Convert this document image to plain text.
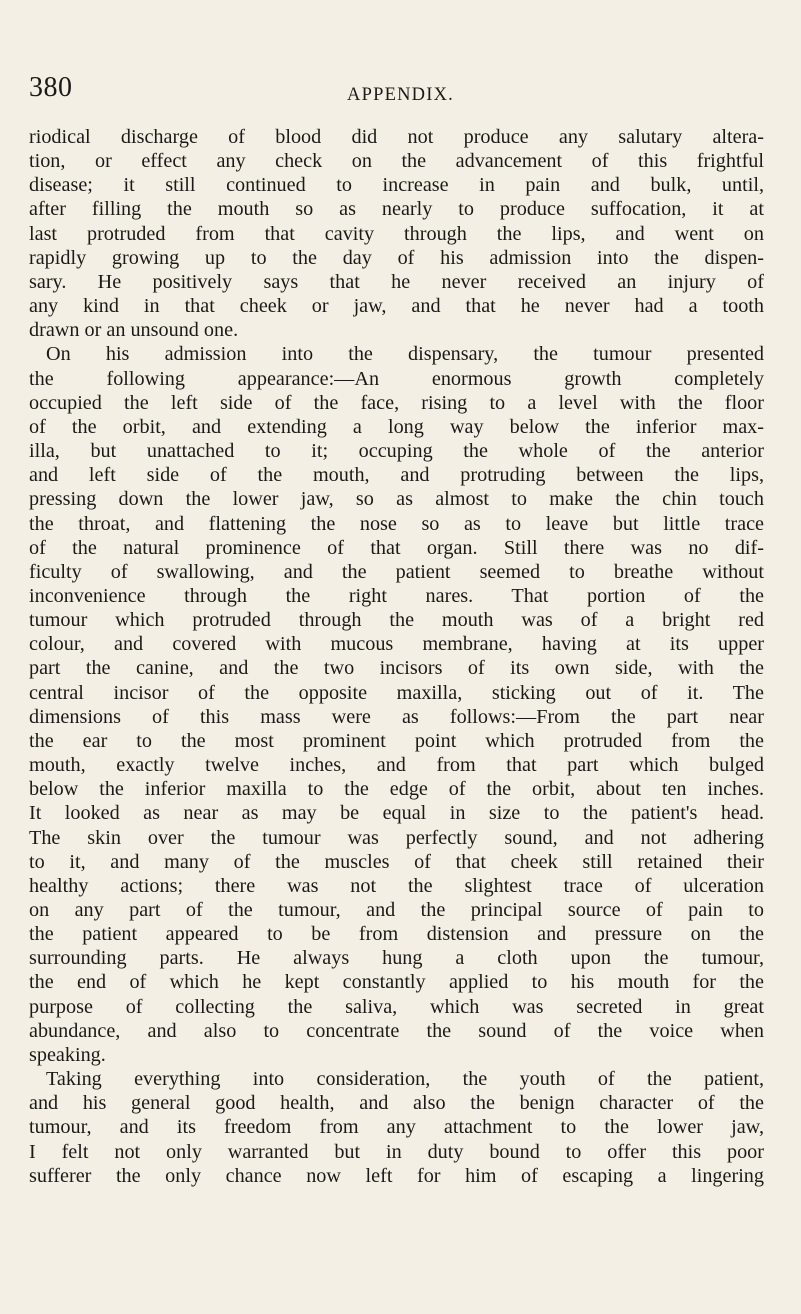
380	APPENDIX.
riodical discharge of blood did not produce any salutary altera-
tion, or effect any check on the advancement of this frightful
disease; it still continued to increase in pain and bulk, until,
after filling the mouth so as nearly to produce suffocation, it at
last protruded from that cavity through the lips, and went on
rapidly growing up to the day of his admission into the dispen-
sary. He positively says that he never received an injury of
any kind in that cheek or jaw, and that he never had a tooth
drawn or an unsound one.
On his admission into the dispensary, the tumour presented
the following appearance:—An enormous growth completely
occupied the left side of the face, rising to a level with the floor
of the orbit, and extending a long way below the inferior max-
illa, but unattached to it; occuping the whole of the anterior
and left side of the mouth, and protruding between the lips,
pressing down the lower jaw, so as almost to make the chin touch
the throat, and flattening the nose so as to leave but little trace
of the natural prominence of that organ. Still there was no dif-
ficulty of swallowing, and the patient seemed to breathe without
inconvenience through the right nares. That portion of the
tumour which protruded through the mouth was of a bright red
colour, and covered with mucous membrane, having at its upper
part the canine, and the two incisors of its own side, with the
central incisor of the opposite maxilla, sticking out of it. The
dimensions of this mass were as follows:—From the part near
the ear to the most prominent point which protruded from the
mouth, exactly twelve inches, and from that part which bulged
below the inferior maxilla to the edge of the orbit, about ten inches.
It looked as near as may be equal in size to the patient's head.
The skin over the tumour was perfectly sound, and not adhering
to it, and many of the muscles of that cheek still retained their
healthy actions; there was not the slightest trace of ulceration
on any part of the tumour, and the principal source of pain to
the patient appeared to be from distension and pressure on the
surrounding parts. He always hung a cloth upon the tumour,
the end of which he kept constantly applied to his mouth for the
purpose of collecting the saliva, which was secreted in great
abundance, and also to concentrate the sound of the voice when
speaking.
Taking everything into consideration, the youth of the patient,
and his general good health, and also the benign character of the
tumour, and its freedom from any attachment to the lower jaw,
I felt not only warranted but in duty bound to offer this poor
sufferer the only chance now left for him of escaping a lingering
